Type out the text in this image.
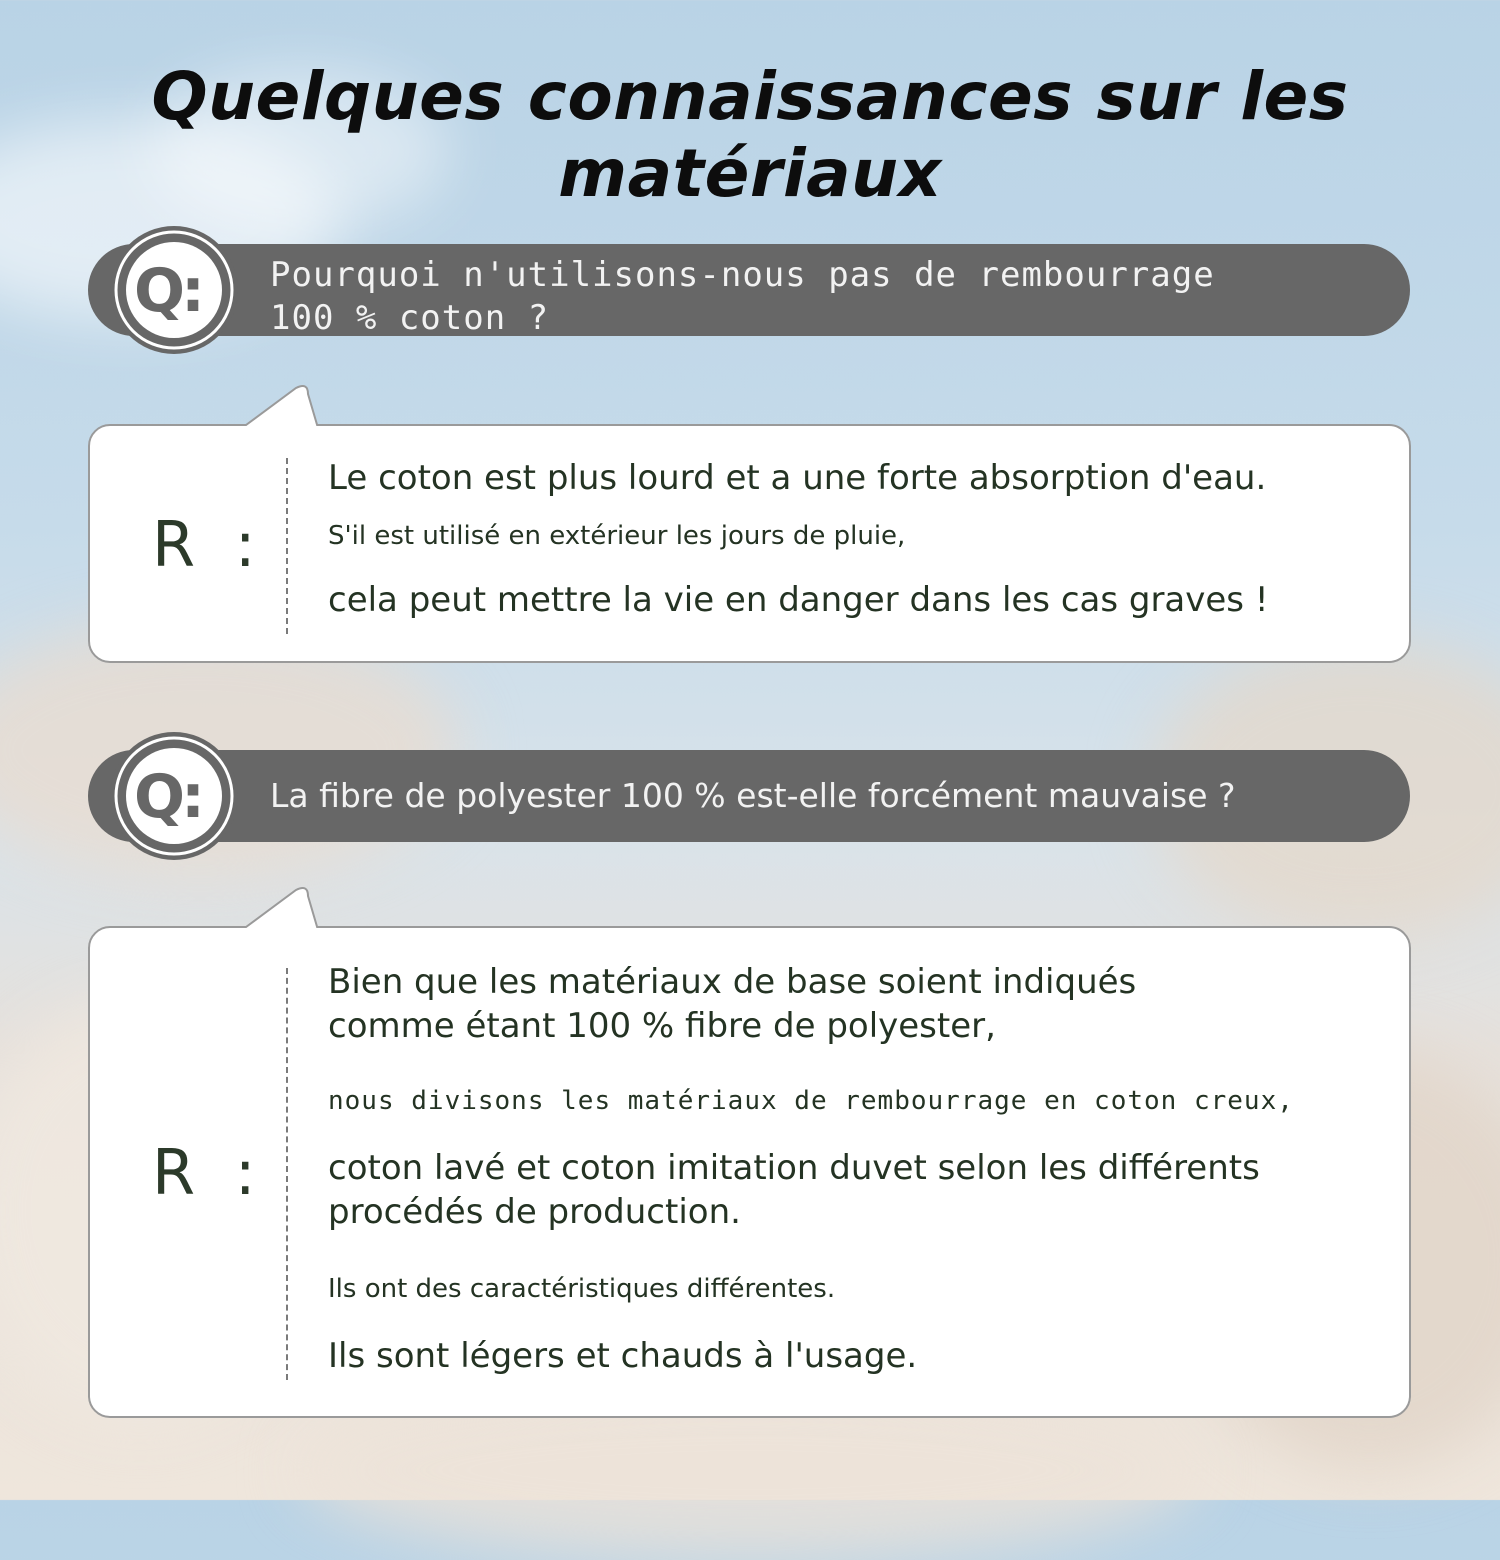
Quelques connaissances sur les matériaux
Q: Pourquoi n'utilisons-nous pas de rembourrage
100 % coton ?
R :
Le coton est plus lourd et a une forte absorption d'eau.
S'il est utilisé en extérieur les jours de pluie,
cela peut mettre la vie en danger dans les cas graves !
Q: La fibre de polyester 100 % est-elle forcément mauvaise ?
R :
Bien que les matériaux de base soient indiqués
comme étant 100 % fibre de polyester,
nous divisons les matériaux de rembourrage en coton creux,
coton lavé et coton imitation duvet selon les différents
procédés de production.
Ils ont des caractéristiques différentes.
Ils sont légers et chauds à l'usage.
